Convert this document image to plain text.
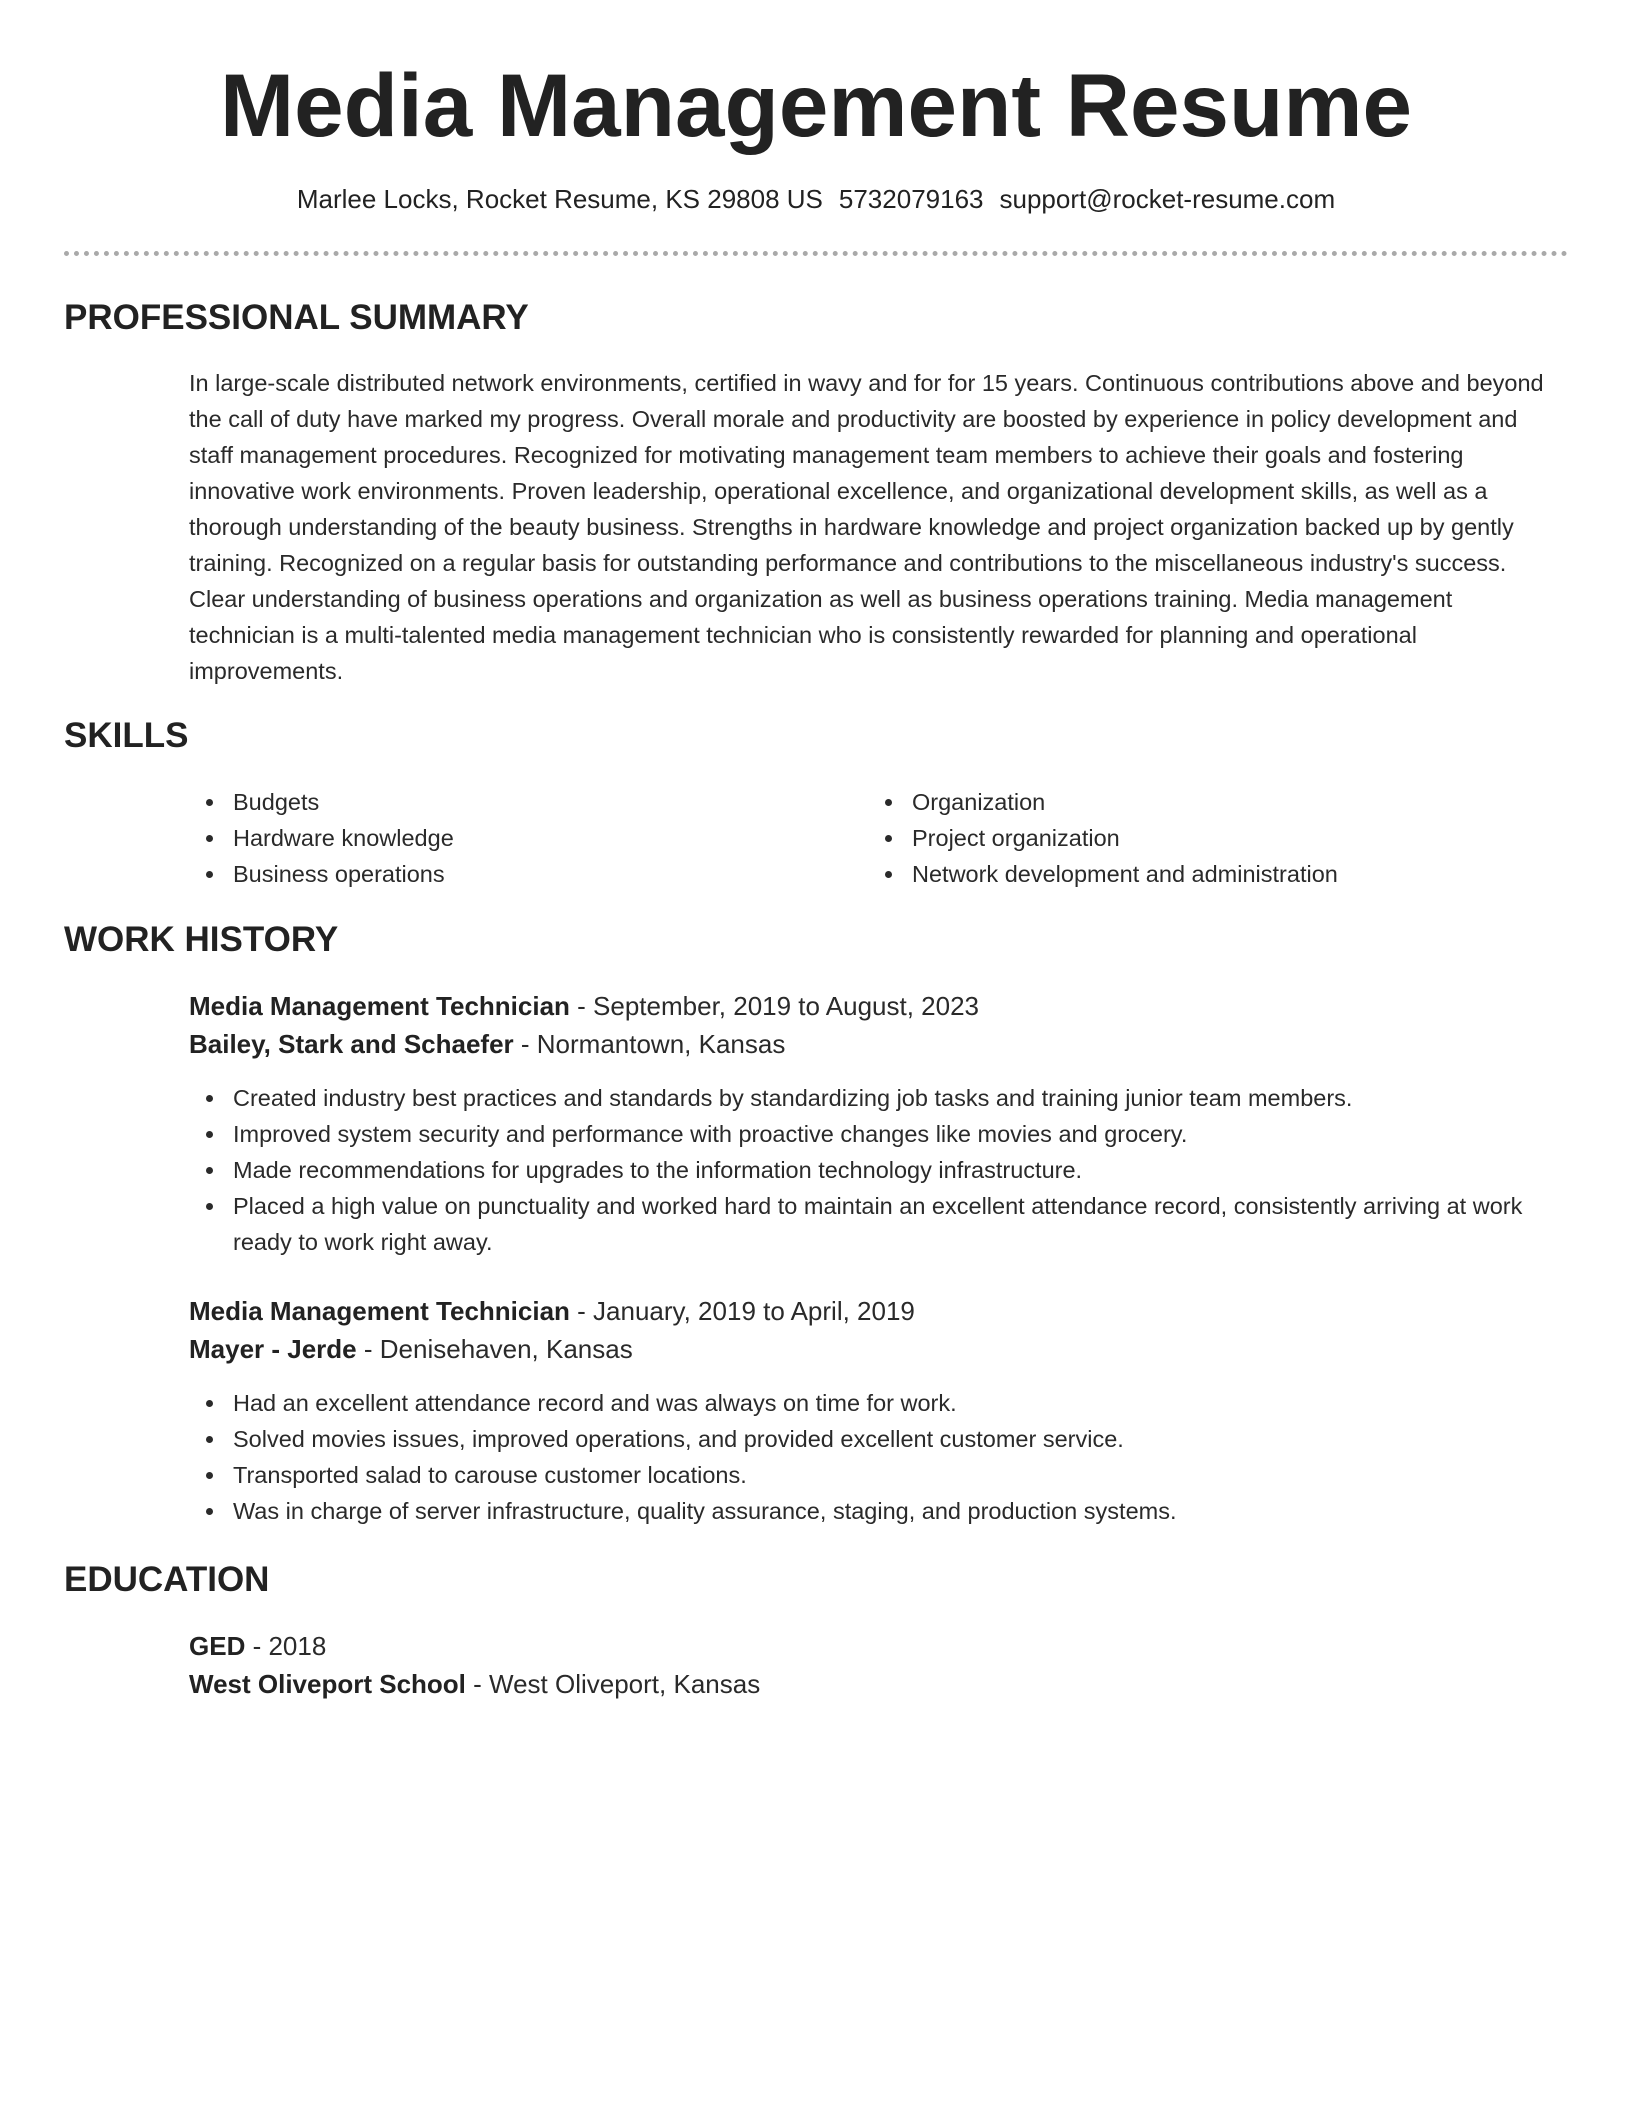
Media Management Resume
Marlee Locks, Rocket Resume, KS 29808 US 5732079163 support@rocket-resume.com
PROFESSIONAL SUMMARY

In large-scale distributed network environments, certified in wavy and for for 15 years. Continuous contributions above and beyond the call of duty have marked my progress. Overall morale and productivity are boosted by experience in policy development and staff management procedures. Recognized for motivating management team members to achieve their goals and fostering innovative work environments. Proven leadership, operational excellence, and organizational development skills, as well as a thorough understanding of the beauty business. Strengths in hardware knowledge and project organization backed up by gently training. Recognized on a regular basis for outstanding performance and contributions to the miscellaneous industry's success. Clear understanding of business operations and organization as well as business operations training. Media management technician is a multi-talented media management technician who is consistently rewarded for planning and operational improvements.

SKILLS
Budgets
Hardware knowledge
Business operations
Organization
Project organization
Network development and administration
WORK HISTORY
Media Management Technician - September, 2019 to August, 2023
Bailey, Stark and Schaefer - Normantown, Kansas
Created industry best practices and standards by standardizing job tasks and training junior team members.
Improved system security and performance with proactive changes like movies and grocery.
Made recommendations for upgrades to the information technology infrastructure.
Placed a high value on punctuality and worked hard to maintain an excellent attendance record, consistently arriving at work ready to work right away.
Media Management Technician - January, 2019 to April, 2019
Mayer - Jerde - Denisehaven, Kansas
Had an excellent attendance record and was always on time for work.
Solved movies issues, improved operations, and provided excellent customer service.
Transported salad to carouse customer locations.
Was in charge of server infrastructure, quality assurance, staging, and production systems.
EDUCATION
GED - 2018
West Oliveport School - West Oliveport, Kansas
